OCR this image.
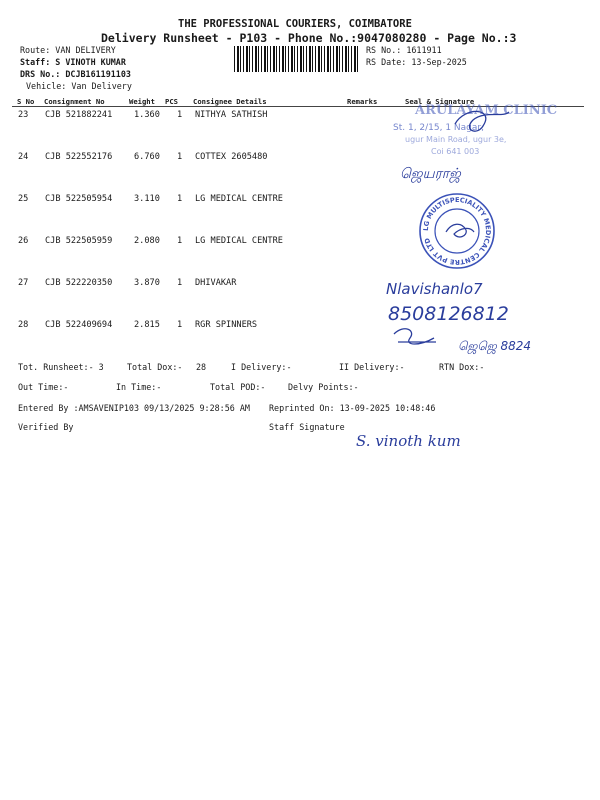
THE PROFESSIONAL COURIERS, COIMBATORE
Delivery Runsheet - P103 - Phone No.:9047080280 - Page No.:3
Route: VAN DELIVERY
Staff: S VINOTH KUMAR
DRS No.: DCJB161191103
Vehicle: Van Delivery
RS No.: 1611911
RS Date: 13-Sep-2025
S No Consignment No	Weight PCS Consignee Details	Remarks	Seal & Signature
23 CJB 521882241	1.360 1 NITHYA SATHISH
24 CJB 522552176	6.760 1 COTTEX 2605480
25 CJB 522505954	3.110 1 LG MEDICAL CENTRE
26 CJB 522505959	2.080 1 LG MEDICAL CENTRE
27 CJB 522220350	3.870 1 DHIVAKAR
28 CJB 522409694	2.815 1 RGR SPINNERS
ARULAYAM CLINIC
St. 1, 2/15, 1 Nagar,
ugur Main Road, ugur 3e,
Coi 641 003
ஜெயராஜ்
LG MULTISPECIALITY MEDICAL CENTRE PVT LTD
Nlavishanlo7
8508126812
ஜெஜெ 8824
Tot. Runsheet:- 3	Total Dox:- 28	I Delivery:-	II Delivery:-	RTN Dox:-
Out Time:-	In Time:-	Total POD:-	Delvy Points:-
Entered By :AMSAVENIP103 09/13/2025 9:28:56 AM Reprinted On: 13-09-2025 10:48:46
Verified By	Staff Signature
S. vinoth kum
